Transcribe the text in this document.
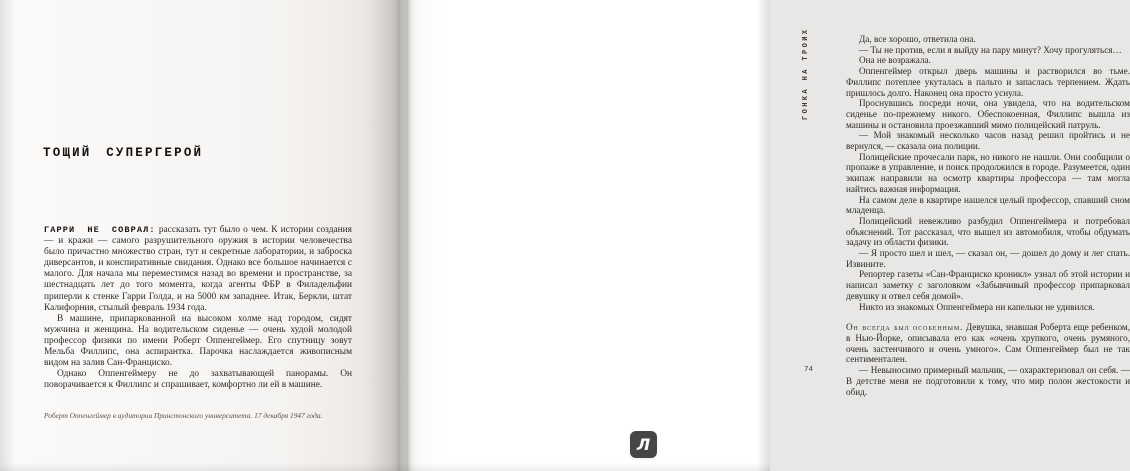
ТОЩИЙ СУПЕРГЕРОЙ

ГАРРИ НЕ СОВРАЛ: рассказать тут было о чем. К истории создания — и кражи — самого разрушительного оружия в истории человечества было причастно множество стран, тут и секретные лаборатории, и заброска диверсантов, и конспиративные свидания. Однако все большое начинается с малого. Для начала мы переместимся назад во времени и пространстве, за шестнадцать лет до того момента, когда агенты ФБР в Филадельфии приперли к стенке Гарри Голда, и на 5000 км западнее. Итак, Беркли, штат Калифорния, стылый февраль 1934 года.

В машине, припаркованной на высоком холме над городом, сидят мужчина и женщина. На водительском сиденье — очень худой молодой профессор физики по имени Роберт Оппенгеймер. Его спутницу зовут Мельба Филлипс, она аспирантка. Парочка наслаждается живописным видом на залив Сан-Франциско.

Однако Оппенгеймеру не до захватывающей панорамы. Он поворачивается к Филлипс и спрашивает, комфортно ли ей в машине.

Роберт Оппенгеймер в аудитории Принстонского университета. 17 декабря 1947 года.
ГОНКА НА ТРОИХ
74

Да, все хорошо, ответила она.

— Ты не против, если я выйду на пару минут? Хочу прогуляться…

Она не возражала.

Оппенгеймер открыл дверь машины и растворился во тьме. Филлипс потеплее укуталась в пальто и запаслась терпением. Ждать пришлось долго. Наконец она просто уснула.

Проснувшись посреди ночи, она увидела, что на водительском сиденье по-прежнему никого. Обеспокоенная, Филлипс вышла из машины и остановила проезжавший мимо полицейский патруль.

— Мой знакомый несколько часов назад решил пройтись и не вернулся, — сказала она полиции.

Полицейские прочесали парк, но никого не нашли. Они сообщили о пропаже в управление, и поиск продолжился в городе. Разумеется, один экипаж направили на осмотр квартиры профессора — там могла найтись важная информация.

На самом деле в квартире нашелся целый профессор, спавший сном младенца.

Полицейский невежливо разбудил Оппенгеймера и потребовал объяснений. Тот рассказал, что вышел из автомобиля, чтобы обдумать задачу из области физики.

— Я просто шел и шел, — сказал он, — дошел до дому и лег спать. Извините.

Репортер газеты «Сан-Франциско кроникл» узнал об этой истории и написал заметку с заголовком «Забывчивый профессор припарковал девушку и отвел себя домой».

Никто из знакомых Оппенгеймера ни капельки не удивился.

Он всегда был особенным. Девушка, знавшая Роберта еще ребенком, в Нью-Йорке, описывала его как «очень хрупкого, очень румяного, очень застенчивого и очень умного». Сам Оппенгеймер был не так сентиментален.

— Невыносимо примерный мальчик, — охарактеризовал он себя. — В детстве меня не подготовили к тому, что мир полон жестокости и обид.

Л
